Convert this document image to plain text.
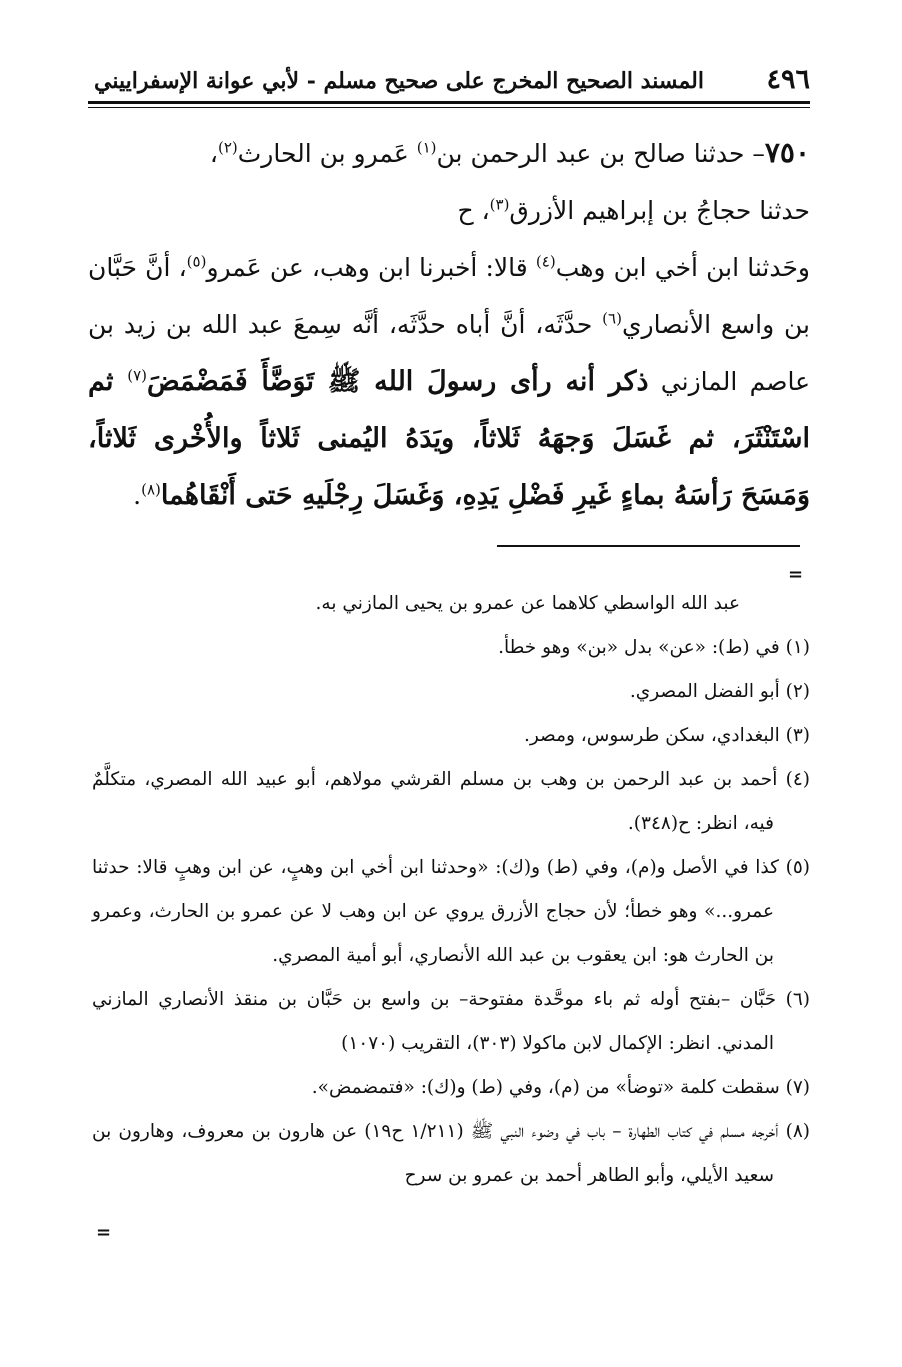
٤٩٦
المسند الصحيح المخرج على صحيح مسلم - لأبي عوانة الإسفراييني

٧٥٠– حدثنا صالح بن عبد الرحمن بن$^{(١)}$ عَمرو بن الحارث$^{(٢)}$،

حدثنا حجاجُ بن إبراهيم الأزرق$^{(٣)}$، ح

وحَدثنا ابن أخي ابن وهب$^{(٤)}$ قالا: أخبرنا ابن وهب، عن عَمرو$^{(٥)}$، أنَّ حَبَّان بن واسع الأنصاري$^{(٦)}$ حدَّثَه، أنَّ أباه حدَّثَه، أنَّه سِمعَ عبد الله بن زيد بن عاصم المازني ذكر أنه رأى رسولَ الله ﷺ تَوَضَّأَ فَمَضْمَضَ$^{(٧)}$ ثم اسْتَنْثَرَ، ثم غَسَلَ وَجهَهُ ثَلاثاً، ويَدَهُ اليُمنى ثَلاثاً والأُخْرى ثَلاثاً، وَمَسَحَ رَأسَهُ بماءٍ غَيرِ فَضْلِ يَدِهِ، وَغَسَلَ رِجْلَيهِ حَتى أَنْقَاهُما$^{(٨)}$.

=

عبد الله الواسطي كلاهما عن عمرو بن يحيى المازني به.

(١) في (ط): «عن» بدل «بن» وهو خطأ.

(٢) أبو الفضل المصري.

(٣) البغدادي، سكن طرسوس، ومصر.

(٤) أحمد بن عبد الرحمن بن وهب بن مسلم القرشي مولاهم، أبو عبيد الله المصري، متكلَّمٌ فيه، انظر: ح(٣٤٨).

(٥) كذا في الأصل و(م)، وفي (ط) و(ك): «وحدثنا ابن أخي ابن وهبٍ، عن ابن وهبٍ قالا: حدثنا عمرو...» وهو خطأ؛ لأن حجاج الأزرق يروي عن ابن وهب لا عن عمرو بن الحارث، وعمرو بن الحارث هو: ابن يعقوب بن عبد الله الأنصاري، أبو أمية المصري.

(٦) حَبَّان –بفتح أوله ثم باء موحَّدة مفتوحة– بن واسع بن حَبَّان بن منقذ الأنصاري المازني المدني. انظر: الإكمال لابن ماكولا (٣٠٣)، التقريب (١٠٧٠)

(٧) سقطت كلمة «توضأ» من (م)، وفي (ط) و(ك): «فتمضمض».

(٨) أخرجه مسلم في كتاب الطهارة – باب في وضوء النبي ﷺ (١/٢١١ ح١٩) عن هارون بن معروف، وهارون بن سعيد الأيلي، وأبو الطاهر أحمد بن عمرو بن سرح

=
